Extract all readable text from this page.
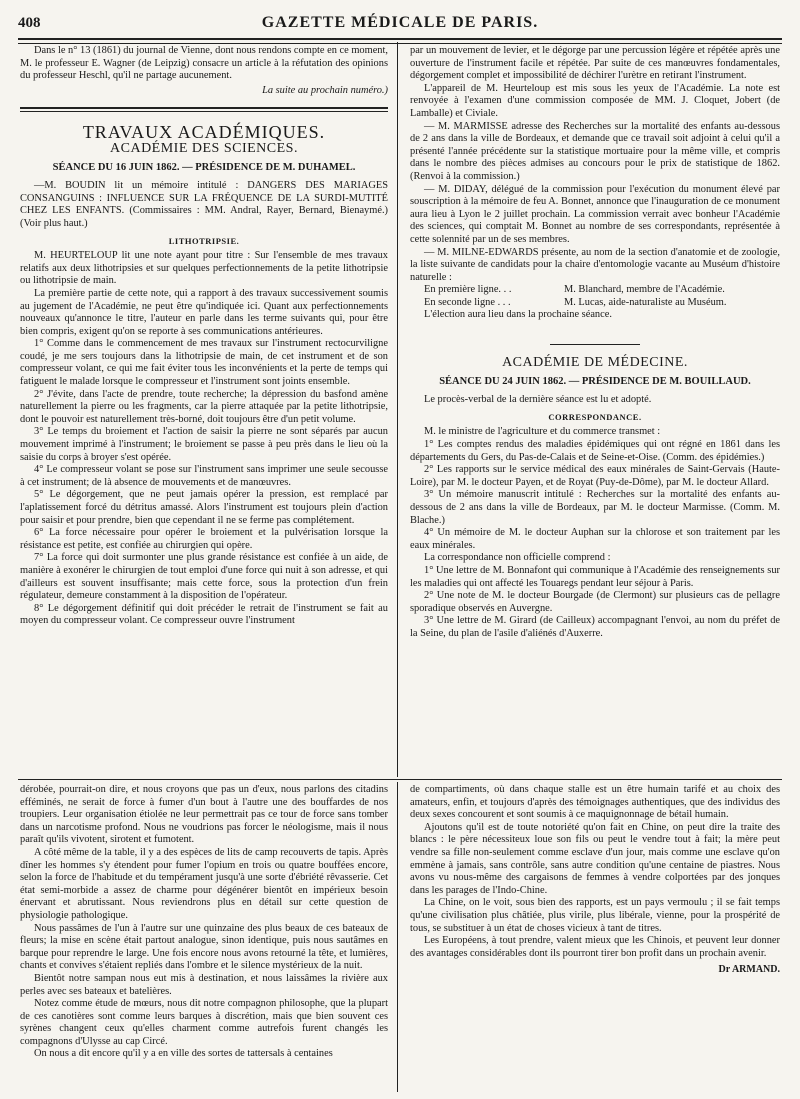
408	GAZETTE MÉDICALE DE PARIS.

Dans le n° 13 (1861) du journal de Vienne, dont nous rendons compte en ce moment, M. le professeur E. Wagner (de Leipzig) consacre un article à la réfutation des opinions du professeur Heschl, qu'il ne partage aucunement.

La suite au prochain numéro.)
TRAVAUX ACADÉMIQUES.
ACADÉMIE DES SCIENCES.
SÉANCE DU 16 JUIN 1862. — PRÉSIDENCE DE M. DUHAMEL.

—M. BOUDIN lit un mémoire intitulé : DANGERS DES MARIAGES CONSANGUINS : INFLUENCE SUR LA FRÉQUENCE DE LA SURDI-MUTITÉ CHEZ LES ENFANTS. (Commissaires : MM. Andral, Rayer, Bernard, Bienaymé.) (Voir plus haut.)

LITHOTRIPSIE.

M. HEURTELOUP lit une note ayant pour titre : Sur l'ensemble de mes travaux relatifs aux deux lithotripsies et sur quelques perfectionnements de la petite lithotripsie ou lithotripsie de main.

La première partie de cette note, qui a rapport à des travaux successivement soumis au jugement de l'Académie, ne peut être qu'indiquée ici. Quant aux perfectionnements nouveaux qu'annonce le titre, l'auteur en parle dans les terme suivants qui, pour être bien compris, exigent qu'on se reporte à ses communications antérieures.

1° Comme dans le commencement de mes travaux sur l'instrument rectocurviligne coudé, je me sers toujours dans la lithotripsie de main, de cet instrument et de son compresseur volant, ce qui me fait éviter tous les inconvénients et la perte de temps qui fatiguent le malade lorsque le compresseur et l'instrument sont joints ensemble.

2° J'évite, dans l'acte de prendre, toute recherche; la dépression du basfond amène naturellement la pierre ou les fragments, car la pierre attaquée par la petite lithotripsie, dont le pouvoir est naturellement très-borné, doit toujours être d'un petit volume.

3° Le temps du broiement et l'action de saisir la pierre ne sont séparés par aucun mouvement imprimé à l'instrument; le broiement se passe à peu près dans le lieu où la saisie du corps à broyer s'est opérée.

4° Le compresseur volant se pose sur l'instrument sans imprimer une seule secousse à cet instrument; de là absence de mouvements et de manœuvres.

5° Le dégorgement, que ne peut jamais opérer la pression, est remplacé par l'aplatissement forcé du détritus amassé. Alors l'instrument est toujours plein d'action pour saisir et pour prendre, bien que cependant il ne se ferme pas complétement.

6° La force nécessaire pour opérer le broiement et la pulvérisation lorsque la résistance est petite, est confiée au chirurgien qui opère.

7° La force qui doit surmonter une plus grande résistance est confiée à un aide, de manière à exonérer le chirurgien de tout emploi d'une force qui nuit à son adresse, et qui d'ailleurs est souvent insuffisante; mais cette force, sous la protection d'un frein régulateur, demeure constamment à la disposition de l'opérateur.

8° Le dégorgement définitif qui doit précéder le retrait de l'instrument se fait au moyen du compresseur volant. Ce compresseur ouvre l'instrument

par un mouvement de levier, et le dégorge par une percussion légère et répétée après une ouverture de l'instrument facile et répétée. Par suite de ces manœuvres fondamentales, dégorgement complet et impossibilité de déchirer l'urètre en retirant l'instrument.

L'appareil de M. Heurteloup est mis sous les yeux de l'Académie. La note est renvoyée à l'examen d'une commission composée de MM. J. Cloquet, Jobert (de Lamballe) et Civiale.

— M. MARMISSE adresse des Recherches sur la mortalité des enfants au-dessous de 2 ans dans la ville de Bordeaux, et demande que ce travail soit adjoint à celui qu'il a présenté l'année précédente sur la statistique mortuaire pour la même ville, et compris dans le nombre des pièces admises au concours pour le prix de statistique de 1862. (Renvoi à la commission.)

— M. DIDAY, délégué de la commission pour l'exécution du monument élevé par souscription à la mémoire de feu A. Bonnet, annonce que l'inauguration de ce monument aura lieu à Lyon le 2 juillet prochain. La commission verrait avec bonheur l'Académie des sciences, qui comptait M. Bonnet au nombre de ses correspondants, représentée à cette solennité par un de ses membres.

— M. MILNE-EDWARDS présente, au nom de la section d'anatomie et de zoologie, la liste suivante de candidats pour la chaire d'entomologie vacante au Muséum d'histoire naturelle :

En première ligne. . .	M. Blanchard, membre de l'Académie.
En seconde ligne . . .	M. Lucas, aide-naturaliste au Muséum.

L'élection aura lieu dans la prochaine séance.

ACADÉMIE DE MÉDECINE.
SÉANCE DU 24 JUIN 1862. — PRÉSIDENCE DE M. BOUILLAUD.

Le procès-verbal de la dernière séance est lu et adopté.

CORRESPONDANCE.

M. le ministre de l'agriculture et du commerce transmet :

1° Les comptes rendus des maladies épidémiques qui ont régné en 1861 dans les départements du Gers, du Pas-de-Calais et de Seine-et-Oise. (Comm. des épidémies.)

2° Les rapports sur le service médical des eaux minérales de Saint-Gervais (Haute-Loire), par M. le docteur Payen, et de Royat (Puy-de-Dôme), par M. le docteur Allard.

3° Un mémoire manuscrit intitulé : Recherches sur la mortalité des enfants au-dessous de 2 ans dans la ville de Bordeaux, par M. le docteur Marmisse. (Comm. M. Blache.)

4° Un mémoire de M. le docteur Auphan sur la chlorose et son traitement par les eaux minérales.

La correspondance non officielle comprend :

1° Une lettre de M. Bonnafont qui communique à l'Académie des renseignements sur les maladies qui ont affecté les Touaregs pendant leur séjour à Paris.

2° Une note de M. le docteur Bourgade (de Clermont) sur plusieurs cas de pellagre sporadique observés en Auvergne.

3° Une lettre de M. Girard (de Cailleux) accompagnant l'envoi, au nom du préfet de la Seine, du plan de l'asile d'aliénés d'Auxerre.

dérobée, pourrait-on dire, et nous croyons que pas un d'eux, nous parlons des citadins efféminés, ne serait de force à fumer d'un bout à l'autre une des bouffardes de nos troupiers. Leur organisation étiolée ne leur permettrait pas ce tour de force sans tomber dans un narcotisme profond. Nous ne voudrions pas forcer le néologisme, mais il nous paraît qu'ils vivotent, sirotent et fumotent.

A côté même de la table, il y a des espèces de lits de camp recouverts de tapis. Après dîner les hommes s'y étendent pour fumer l'opium en trois ou quatre bouffées encore, selon la force de l'habitude et du tempérament jusqu'à une sorte d'ébriété rêvasserie. Cet état semi-morbide a assez de charme pour dégénérer bientôt en impérieux besoin énervant et abrutissant. Nous reviendrons plus en détail sur cette question de physiologie pathologique.

Nous passâmes de l'un à l'autre sur une quinzaine des plus beaux de ces bateaux de fleurs; la mise en scène était partout analogue, sinon identique, puis nous sautâmes en barque pour reprendre le large. Une fois encore nous avons retourné la tête, et lumières, chants et convives s'étaient repliés dans l'ombre et le silence mystérieux de la nuit.

Bientôt notre sampan nous eut mis à destination, et nous laissâmes la rivière aux perles avec ses bateaux et batelières.

Notez comme étude de mœurs, nous dit notre compagnon philosophe, que la plupart de ces canotières sont comme leurs barques à discrétion, mais que bien souvent ces syrènes changent ceux qu'elles charment comme autrefois furent changés les compagnons d'Ulysse au cap Circé.

On nous a dit encore qu'il y a en ville des sortes de tattersals à centaines

de compartiments, où dans chaque stalle est un être humain tarifé et au choix des amateurs, enfin, et toujours d'après des témoignages authentiques, que des individus des deux sexes concourent et sont soumis à ce maquignonnage de bétail humain.

Ajoutons qu'il est de toute notoriété qu'on fait en Chine, on peut dire la traite des blancs : le père nécessiteux loue son fils ou peut le vendre tout à fait; la mère peut vendre sa fille non-seulement comme esclave d'un jour, mais comme une esclave qu'on emmène à jamais, sans contrôle, sans autre condition qu'une centaine de piastres. Nous avons vu nous-même des cargaisons de femmes à vendre colportées par des jonques dans les parages de l'Indo-Chine.

La Chine, on le voit, sous bien des rapports, est un pays vermoulu ; il se fait temps qu'une civilisation plus châtiée, plus virile, plus libérale, vienne, pour la prospérité de tous, se substituer à un état de choses vicieux à tant de titres.

Les Européens, à tout prendre, valent mieux que les Chinois, et peuvent leur donner des avantages considérables dont ils pourront tirer bon profit dans un prochain avenir.

Dr ARMAND.
